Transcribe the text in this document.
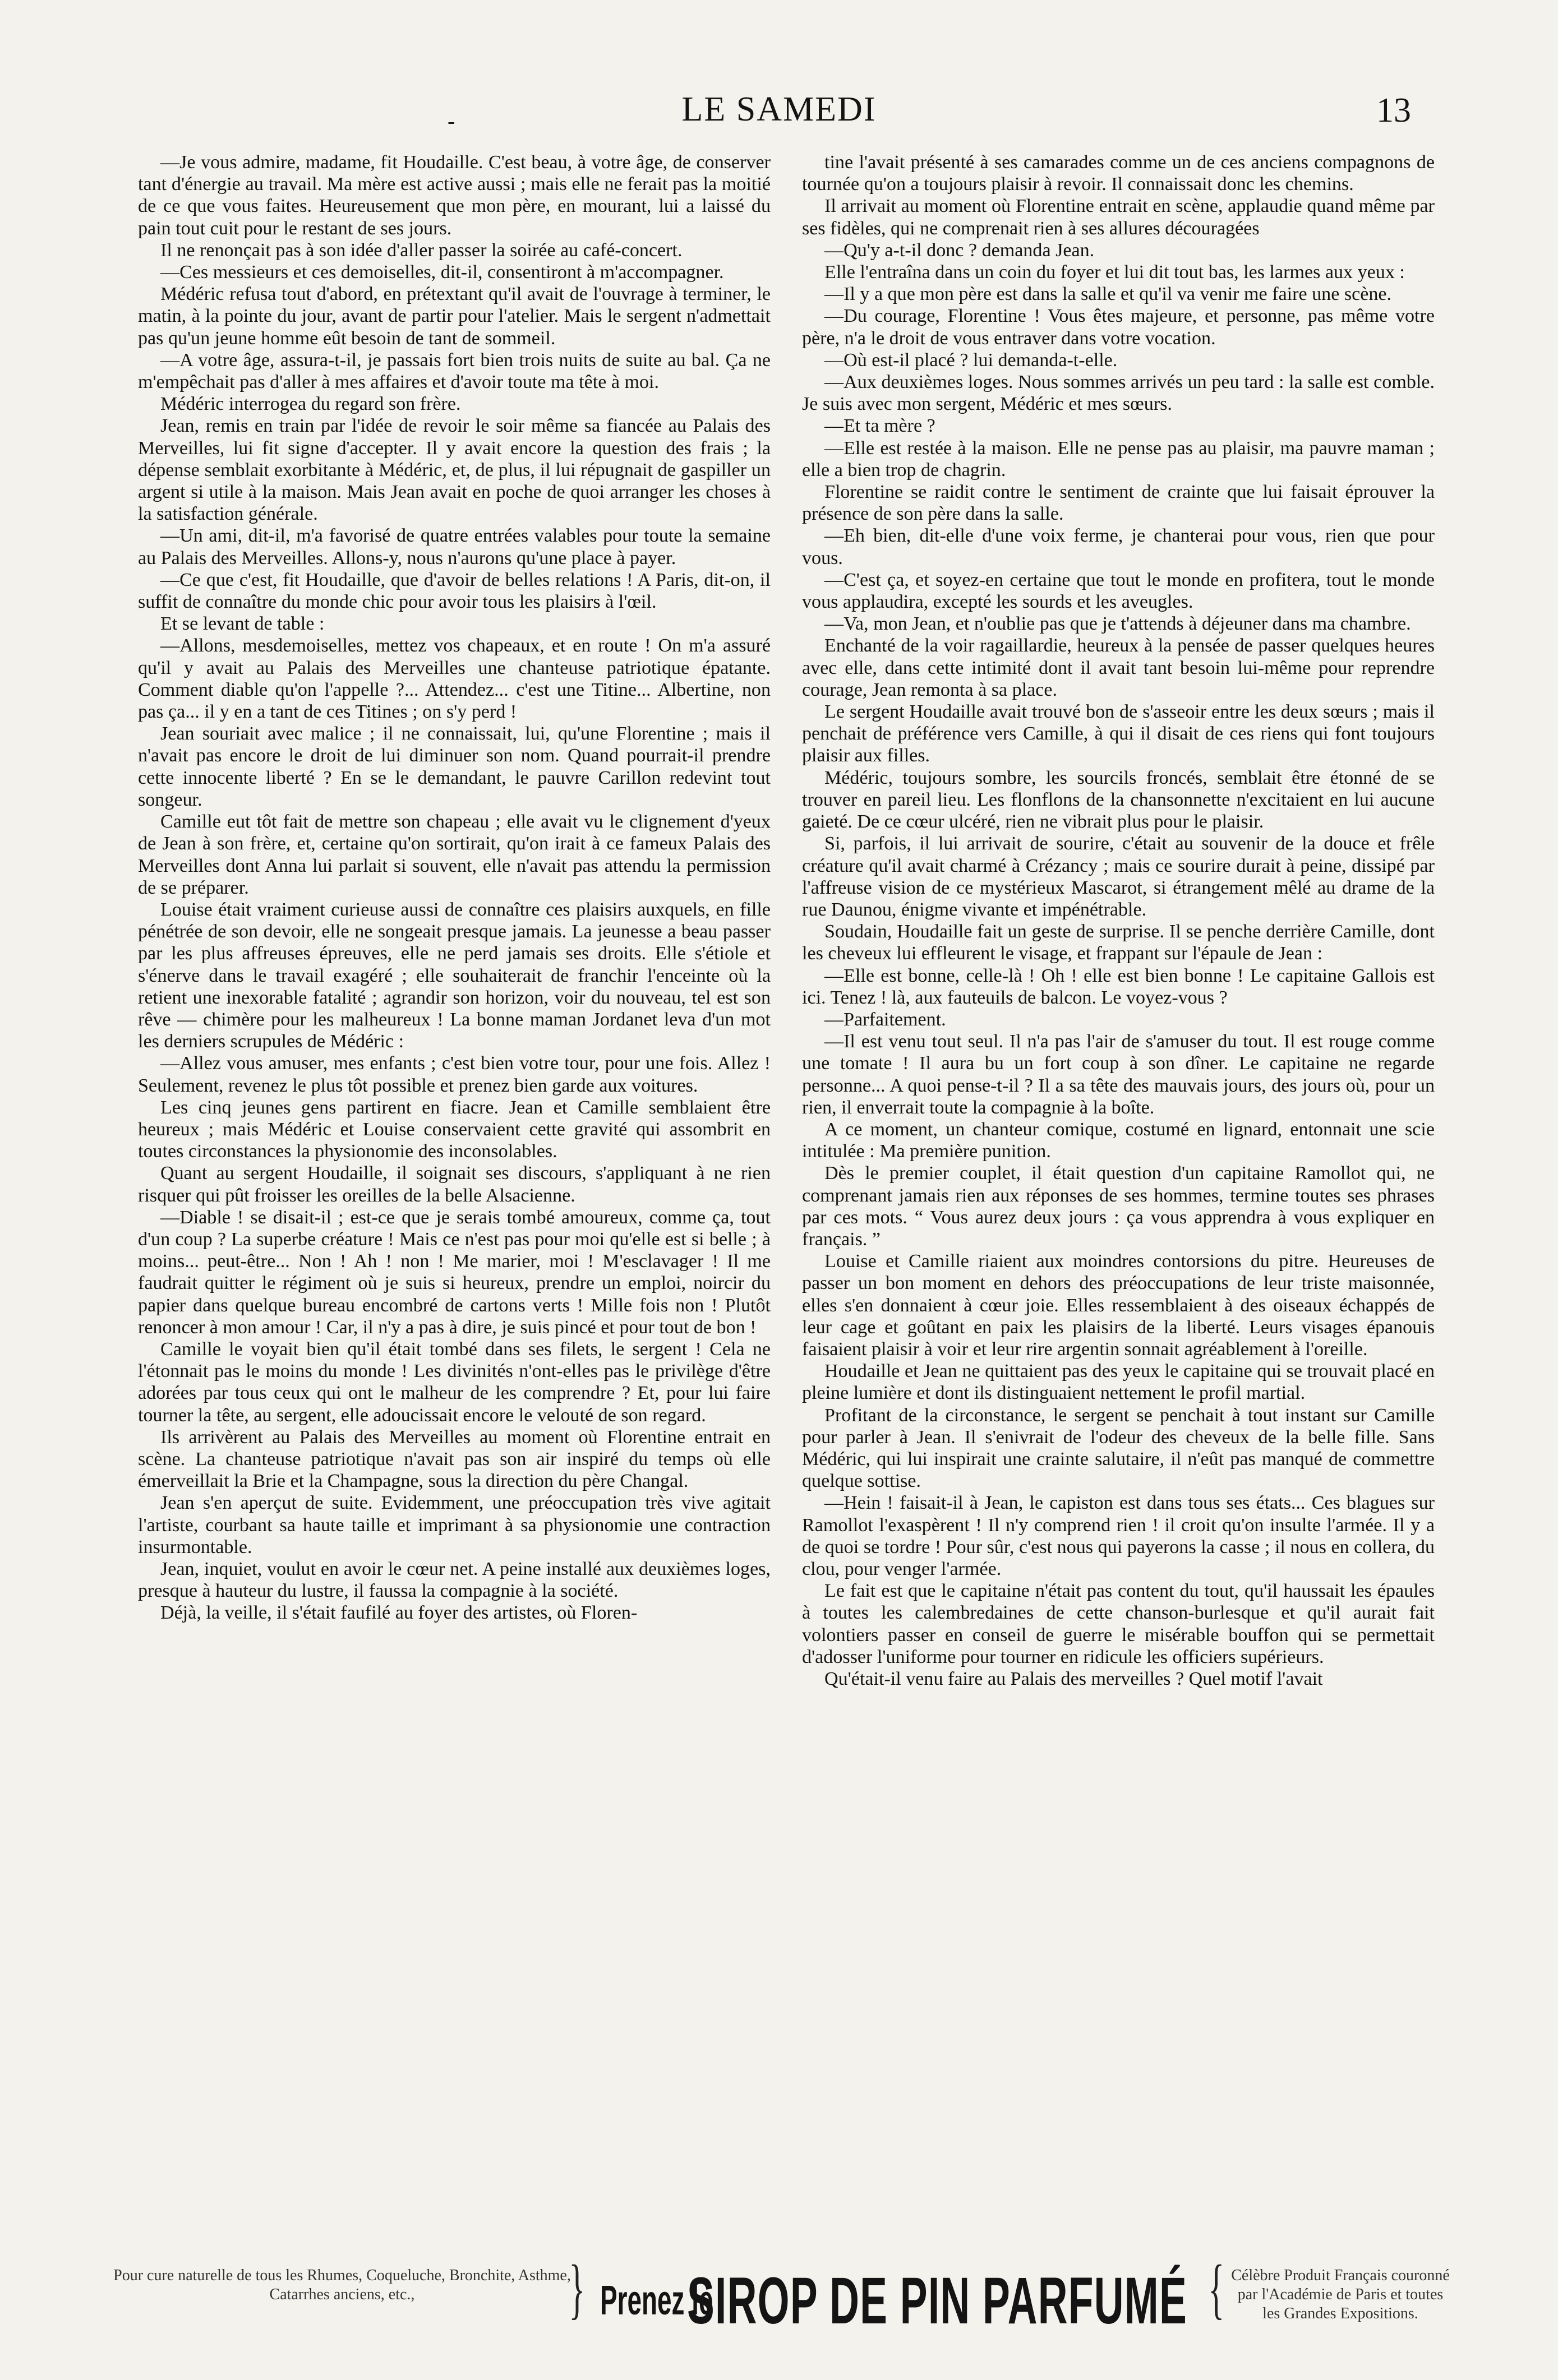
-	LE SAMEDI	13

—Je vous admire, madame, fit Houdaille. C'est beau, à votre âge, de conserver tant d'énergie au travail. Ma mère est active aussi ; mais elle ne ferait pas la moitié de ce que vous faites. Heureusement que mon père, en mourant, lui a laissé du pain tout cuit pour le restant de ses jours.

Il ne renonçait pas à son idée d'aller passer la soirée au café-concert.

—Ces messieurs et ces demoiselles, dit-il, consentiront à m'accompagner.

Médéric refusa tout d'abord, en prétextant qu'il avait de l'ouvrage à terminer, le matin, à la pointe du jour, avant de partir pour l'atelier. Mais le sergent n'admettait pas qu'un jeune homme eût besoin de tant de sommeil.

—A votre âge, assura-t-il, je passais fort bien trois nuits de suite au bal. Ça ne m'empêchait pas d'aller à mes affaires et d'avoir toute ma tête à moi.

Médéric interrogea du regard son frère.

Jean, remis en train par l'idée de revoir le soir même sa fiancée au Palais des Merveilles, lui fit signe d'accepter. Il y avait encore la question des frais ; la dépense semblait exorbitante à Médéric, et, de plus, il lui répugnait de gaspiller un argent si utile à la maison. Mais Jean avait en poche de quoi arranger les choses à la satisfaction générale.

—Un ami, dit-il, m'a favorisé de quatre entrées valables pour toute la semaine au Palais des Merveilles. Allons-y, nous n'aurons qu'une place à payer.

—Ce que c'est, fit Houdaille, que d'avoir de belles relations ! A Paris, dit-on, il suffit de connaître du monde chic pour avoir tous les plaisirs à l'œil.

Et se levant de table :

—Allons, mesdemoiselles, mettez vos chapeaux, et en route ! On m'a assuré qu'il y avait au Palais des Merveilles une chanteuse patriotique épatante. Comment diable qu'on l'appelle ?... Attendez... c'est une Titine... Albertine, non pas ça... il y en a tant de ces Titines ; on s'y perd !

Jean souriait avec malice ; il ne connaissait, lui, qu'une Florentine ; mais il n'avait pas encore le droit de lui diminuer son nom. Quand pourrait-il prendre cette innocente liberté ? En se le demandant, le pauvre Carillon redevint tout songeur.

Camille eut tôt fait de mettre son chapeau ; elle avait vu le clignement d'yeux de Jean à son frère, et, certaine qu'on sortirait, qu'on irait à ce fameux Palais des Merveilles dont Anna lui parlait si souvent, elle n'avait pas attendu la permission de se préparer.

Louise était vraiment curieuse aussi de connaître ces plaisirs auxquels, en fille pénétrée de son devoir, elle ne songeait presque jamais. La jeunesse a beau passer par les plus affreuses épreuves, elle ne perd jamais ses droits. Elle s'étiole et s'énerve dans le travail exagéré ; elle souhaiterait de franchir l'enceinte où la retient une inexorable fatalité ; agrandir son horizon, voir du nouveau, tel est son rêve — chimère pour les malheureux ! La bonne maman Jordanet leva d'un mot les derniers scrupules de Médéric :

—Allez vous amuser, mes enfants ; c'est bien votre tour, pour une fois. Allez ! Seulement, revenez le plus tôt possible et prenez bien garde aux voitures.

Les cinq jeunes gens partirent en fiacre. Jean et Camille semblaient être heureux ; mais Médéric et Louise conservaient cette gravité qui assombrit en toutes circonstances la physionomie des inconsolables.

Quant au sergent Houdaille, il soignait ses discours, s'appliquant à ne rien risquer qui pût froisser les oreilles de la belle Alsacienne.

—Diable ! se disait-il ; est-ce que je serais tombé amoureux, comme ça, tout d'un coup ? La superbe créature ! Mais ce n'est pas pour moi qu'elle est si belle ; à moins... peut-être... Non ! Ah ! non ! Me marier, moi ! M'esclavager ! Il me faudrait quitter le régiment où je suis si heureux, prendre un emploi, noircir du papier dans quelque bureau encombré de cartons verts ! Mille fois non ! Plutôt renoncer à mon amour ! Car, il n'y a pas à dire, je suis pincé et pour tout de bon !

Camille le voyait bien qu'il était tombé dans ses filets, le sergent ! Cela ne l'étonnait pas le moins du monde ! Les divinités n'ont-elles pas le privilège d'être adorées par tous ceux qui ont le malheur de les comprendre ? Et, pour lui faire tourner la tête, au sergent, elle adoucissait encore le velouté de son regard.

Ils arrivèrent au Palais des Merveilles au moment où Florentine entrait en scène. La chanteuse patriotique n'avait pas son air inspiré du temps où elle émerveillait la Brie et la Champagne, sous la direction du père Changal.

Jean s'en aperçut de suite. Evidemment, une préoccupation très vive agitait l'artiste, courbant sa haute taille et imprimant à sa physionomie une contraction insurmontable.

Jean, inquiet, voulut en avoir le cœur net. A peine installé aux deuxièmes loges, presque à hauteur du lustre, il faussa la compagnie à la société.

Déjà, la veille, il s'était faufilé au foyer des artistes, où Floren-

tine l'avait présenté à ses camarades comme un de ces anciens compagnons de tournée qu'on a toujours plaisir à revoir. Il connaissait donc les chemins.

Il arrivait au moment où Florentine entrait en scène, applaudie quand même par ses fidèles, qui ne comprenait rien à ses allures découragées

—Qu'y a-t-il donc ? demanda Jean.

Elle l'entraîna dans un coin du foyer et lui dit tout bas, les larmes aux yeux :

—Il y a que mon père est dans la salle et qu'il va venir me faire une scène.

—Du courage, Florentine ! Vous êtes majeure, et personne, pas même votre père, n'a le droit de vous entraver dans votre vocation.

—Où est-il placé ? lui demanda-t-elle.

—Aux deuxièmes loges. Nous sommes arrivés un peu tard : la salle est comble. Je suis avec mon sergent, Médéric et mes sœurs.

—Et ta mère ?

—Elle est restée à la maison. Elle ne pense pas au plaisir, ma pauvre maman ; elle a bien trop de chagrin.

Florentine se raidit contre le sentiment de crainte que lui faisait éprouver la présence de son père dans la salle.

—Eh bien, dit-elle d'une voix ferme, je chanterai pour vous, rien que pour vous.

—C'est ça, et soyez-en certaine que tout le monde en profitera, tout le monde vous applaudira, excepté les sourds et les aveugles.

—Va, mon Jean, et n'oublie pas que je t'attends à déjeuner dans ma chambre.

Enchanté de la voir ragaillardie, heureux à la pensée de passer quelques heures avec elle, dans cette intimité dont il avait tant besoin lui-même pour reprendre courage, Jean remonta à sa place.

Le sergent Houdaille avait trouvé bon de s'asseoir entre les deux sœurs ; mais il penchait de préférence vers Camille, à qui il disait de ces riens qui font toujours plaisir aux filles.

Médéric, toujours sombre, les sourcils froncés, semblait être étonné de se trouver en pareil lieu. Les flonflons de la chansonnette n'excitaient en lui aucune gaieté. De ce cœur ulcéré, rien ne vibrait plus pour le plaisir.

Si, parfois, il lui arrivait de sourire, c'était au souvenir de la douce et frêle créature qu'il avait charmé à Crézancy ; mais ce sourire durait à peine, dissipé par l'affreuse vision de ce mystérieux Mascarot, si étrangement mêlé au drame de la rue Daunou, énigme vivante et impénétrable.

Soudain, Houdaille fait un geste de surprise. Il se penche derrière Camille, dont les cheveux lui effleurent le visage, et frappant sur l'épaule de Jean :

—Elle est bonne, celle-là ! Oh ! elle est bien bonne ! Le capitaine Gallois est ici. Tenez ! là, aux fauteuils de balcon. Le voyez-vous ?

—Parfaitement.

—Il est venu tout seul. Il n'a pas l'air de s'amuser du tout. Il est rouge comme une tomate ! Il aura bu un fort coup à son dîner. Le capitaine ne regarde personne... A quoi pense-t-il ? Il a sa tête des mauvais jours, des jours où, pour un rien, il enverrait toute la compagnie à la boîte.

A ce moment, un chanteur comique, costumé en lignard, entonnait une scie intitulée : Ma première punition.

Dès le premier couplet, il était question d'un capitaine Ramollot qui, ne comprenant jamais rien aux réponses de ses hommes, termine toutes ses phrases par ces mots. “ Vous aurez deux jours : ça vous apprendra à vous expliquer en français. ”

Louise et Camille riaient aux moindres contorsions du pitre. Heureuses de passer un bon moment en dehors des préoccupations de leur triste maisonnée, elles s'en donnaient à cœur joie. Elles ressemblaient à des oiseaux échappés de leur cage et goûtant en paix les plaisirs de la liberté. Leurs visages épanouis faisaient plaisir à voir et leur rire argentin sonnait agréablement à l'oreille.

Houdaille et Jean ne quittaient pas des yeux le capitaine qui se trouvait placé en pleine lumière et dont ils distinguaient nettement le profil martial.

Profitant de la circonstance, le sergent se penchait à tout instant sur Camille pour parler à Jean. Il s'enivrait de l'odeur des cheveux de la belle fille. Sans Médéric, qui lui inspirait une crainte salutaire, il n'eût pas manqué de commettre quelque sottise.

—Hein ! faisait-il à Jean, le capiston est dans tous ses états... Ces blagues sur Ramollot l'exaspèrent ! Il n'y comprend rien ! il croit qu'on insulte l'armée. Il y a de quoi se tordre ! Pour sûr, c'est nous qui payerons la casse ; il nous en collera, du clou, pour venger l'armée.

Le fait est que le capitaine n'était pas content du tout, qu'il haussait les épaules à toutes les calembredaines de cette chanson-burlesque et qu'il aurait fait volontiers passer en conseil de guerre le misérable bouffon qui se permettait d'adosser l'uniforme pour tourner en ridicule les officiers supérieurs.

Qu'était-il venu faire au Palais des merveilles ? Quel motif l'avait

Pour cure naturelle de tous les Rhumes, Coqueluche, Bronchite, Asthme, Catarrhes anciens, etc.,	} Prenez le
SIROP DE PIN PARFUMÉ { Célèbre Produit Français couronné par l'Académie de Paris et toutes les Grandes Expositions.
